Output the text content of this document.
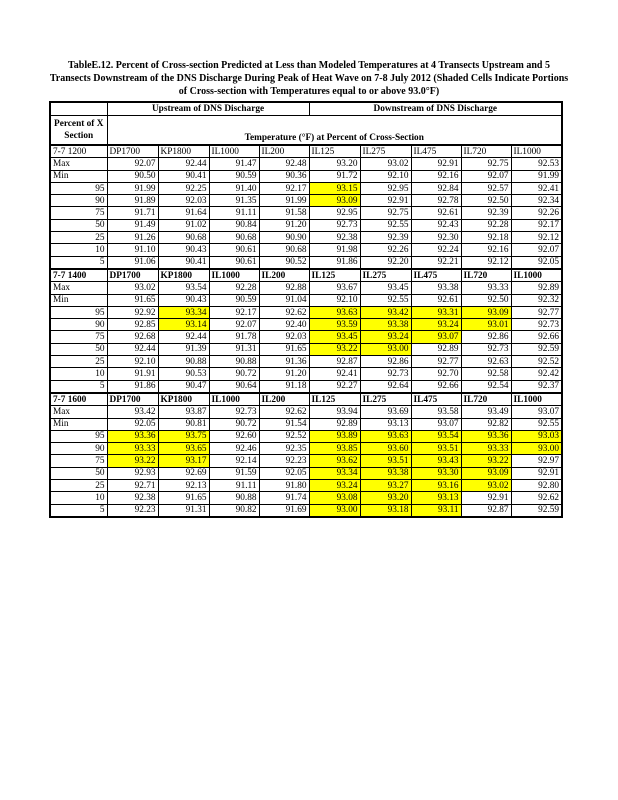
TableE.12. Percent of Cross-section Predicted at Less than Modeled Temperatures at 4 Transects Upstream and 5
Transects Downstream of the DNS Discharge During Peak of Heat Wave on 7-8 July 2012 (Shaded Cells Indicate Portions
of Cross-section with Temperatures equal to or above 93.0°F)
	Upstream of DNS Discharge				Downstream of DNS Discharge				
Percent of X Section	Temperature (°F) at Percent of Cross-Section								
7-7 1200	DP1700	KP1800	IL1000	IL200	IL125	IL275	IL475	IL720	IL1000
Max	92.07	92.44	91.47	92.48	93.20	93.02	92.91	92.75	92.53
Min	90.50	90.41	90.59	90.36	91.72	92.10	92.16	92.07	91.99
95	91.99	92.25	91.40	92.17	93.15	92.95	92.84	92.57	92.41
90	91.89	92.03	91.35	91.99	93.09	92.91	92.78	92.50	92.34
75	91.71	91.64	91.11	91.58	92.95	92.75	92.61	92.39	92.26
50	91.49	91.02	90.84	91.20	92.73	92.55	92.43	92.28	92.17
25	91.26	90.68	90.68	90.90	92.38	92.39	92.30	92.18	92.12
10	91.10	90.43	90.61	90.68	91.98	92.26	92.24	92.16	92.07
5	91.06	90.41	90.61	90.52	91.86	92.20	92.21	92.12	92.05
7-7 1400	DP1700	KP1800	IL1000	IL200	IL125	IL275	IL475	IL720	IL1000
Max	93.02	93.54	92.28	92.88	93.67	93.45	93.38	93.33	92.89
Min	91.65	90.43	90.59	91.04	92.10	92.55	92.61	92.50	92.32
95	92.92	93.34	92.17	92.62	93.63	93.42	93.31	93.09	92.77
90	92.85	93.14	92.07	92.40	93.59	93.38	93.24	93.01	92.73
75	92.68	92.44	91.78	92.03	93.45	93.24	93.07	92.86	92.66
50	92.44	91.39	91.31	91.65	93.22	93.00	92.89	92.73	92.59
25	92.10	90.88	90.88	91.36	92.87	92.86	92.77	92.63	92.52
10	91.91	90.53	90.72	91.20	92.41	92.73	92.70	92.58	92.42
5	91.86	90.47	90.64	91.18	92.27	92.64	92.66	92.54	92.37
7-7 1600	DP1700	KP1800	IL1000	IL200	IL125	IL275	IL475	IL720	IL1000
Max	93.42	93.87	92.73	92.62	93.94	93.69	93.58	93.49	93.07
Min	92.05	90.81	90.72	91.54	92.89	93.13	93.07	92.82	92.55
95	93.36	93.75	92.60	92.52	93.89	93.63	93.54	93.36	93.03
90	93.33	93.65	92.46	92.35	93.85	93.60	93.51	93.33	93.00
75	93.22	93.17	92.14	92.23	93.62	93.51	93.43	93.22	92.97
50	92.93	92.69	91.59	92.05	93.34	93.38	93.30	93.09	92.91
25	92.71	92.13	91.11	91.80	93.24	93.27	93.16	93.02	92.80
10	92.38	91.65	90.88	91.74	93.08	93.20	93.13	92.91	92.62
5	92.23	91.31	90.82	91.69	93.00	93.18	93.11	92.87	92.59
